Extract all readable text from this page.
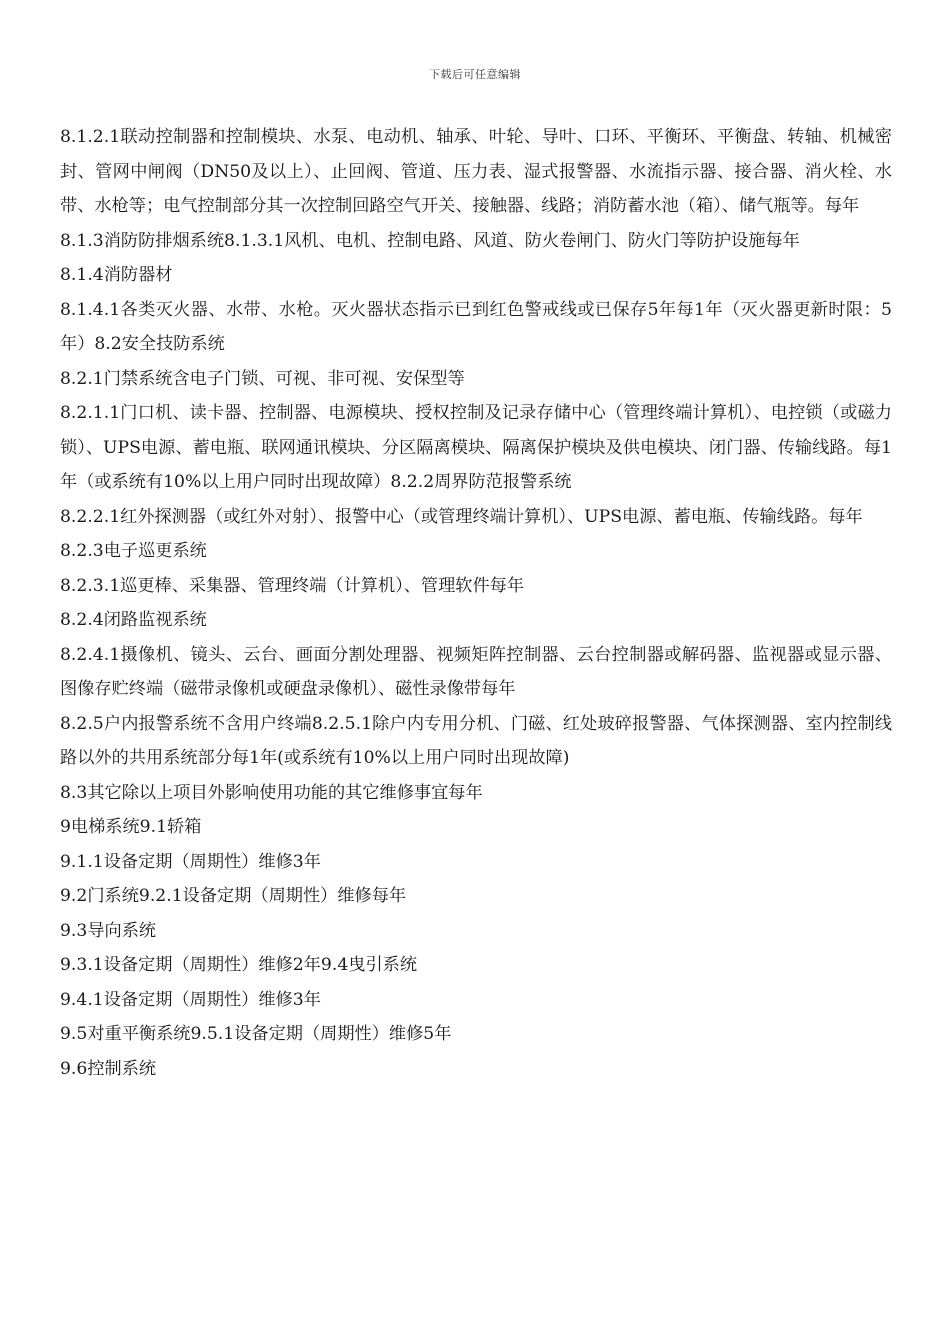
下载后可任意编辑

8.1.2.1联动控制器和控制模块、水泵、电动机、轴承、叶轮、导叶、口环、平衡环、平衡盘、转轴、机械密封、管网中闸阀（DN50及以上）、止回阀、管道、压力表、湿式报警器、水流指示器、接合器、消火栓、水带、水枪等；电气控制部分其一次控制回路空气开关、接触器、线路；消防蓄水池（箱）、储气瓶等。每年

8.1.3消防防排烟系统8.1.3.1风机、电机、控制电路、风道、防火卷闸门、防火门等防护设施每年

8.1.4消防器材

8.1.4.1各类灭火器、水带、水枪。灭火器状态指示已到红色警戒线或已保存5年每1年（灭火器更新时限：5年）8.2安全技防系统

8.2.1门禁系统含电子门锁、可视、非可视、安保型等

8.2.1.1门口机、读卡器、控制器、电源模块、授权控制及记录存储中心（管理终端计算机）、电控锁（或磁力锁）、UPS电源、蓄电瓶、联网通讯模块、分区隔离模块、隔离保护模块及供电模块、闭门器、传输线路。每1年（或系统有10%以上用户同时出现故障）8.2.2周界防范报警系统

8.2.2.1红外探测器（或红外对射）、报警中心（或管理终端计算机）、UPS电源、蓄电瓶、传输线路。每年

8.2.3电子巡更系统

8.2.3.1巡更棒、采集器、管理终端（计算机）、管理软件每年

8.2.4闭路监视系统

8.2.4.1摄像机、镜头、云台、画面分割处理器、视频矩阵控制器、云台控制器或解码器、监视器或显示器、图像存贮终端（磁带录像机或硬盘录像机）、磁性录像带每年

8.2.5户内报警系统不含用户终端8.2.5.1除户内专用分机、门磁、红处玻碎报警器、气体探测器、室内控制线路以外的共用系统部分每1年(或系统有10%以上用户同时出现故障)

8.3其它除以上项目外影响使用功能的其它维修事宜每年

9电梯系统9.1轿箱

9.1.1设备定期（周期性）维修3年

9.2门系统9.2.1设备定期（周期性）维修每年

9.3导向系统

9.3.1设备定期（周期性）维修2年9.4曳引系统

9.4.1设备定期（周期性）维修3年

9.5对重平衡系统9.5.1设备定期（周期性）维修5年

9.6控制系统
